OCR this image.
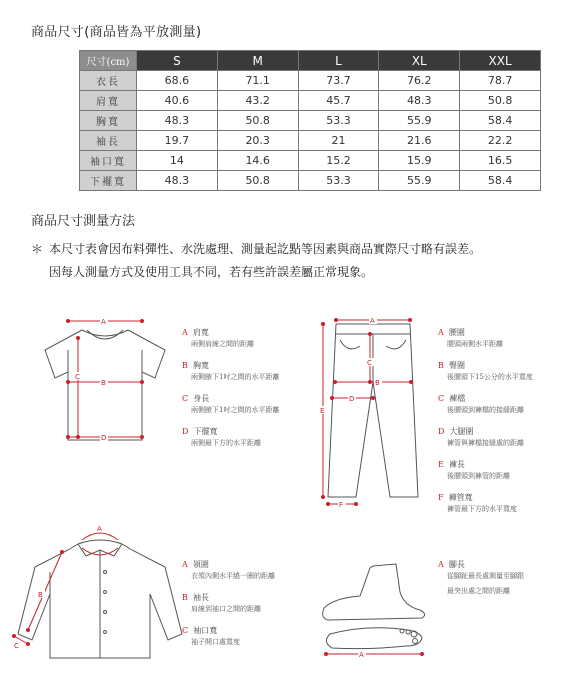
商品尺寸(商品皆為平放測量)
尺寸(cm)	S	M	L	XL	XXL
衣長	68.6	71.1	73.7	76.2	78.7
肩寬	40.6	43.2	45.7	48.3	50.8
胸寬	48.3	50.8	53.3	55.9	58.4
袖長	19.7	20.3	21	21.6	22.2
袖口寬	14	14.6	15.2	15.9	16.5
下襬寬	48.3	50.8	53.3	55.9	58.4
商品尺寸測量方法
＊ 本尺寸表會因布料彈性、水洗處理、測量起訖點等因素與商品實際尺寸略有誤差。
因每人測量方式及使用工具不同，若有些許誤差屬正常現象。
A
B
C
D
A 肩寬
兩側肩線之間的距離
B 胸寬
兩側腋下1吋之間的水平距離
C 身長
兩側腋下1吋之間的水平距離
D 下擺寬
兩側最下方的水平距離
A
B
C
D
E
F
A 腰圍
腰頭兩側水平距離
B 臀圍
後腰頭下15公分的水平寬度
C 褲檔
後腰頭到褲檔的接縫距離
D 大腿圍
褲管與褲檔接縫處的距離
E 褲長
後腰頭到褲管的距離
F 褲管寬
褲管最下方的水平寬度
A
B
C
A 領圍
衣領內側水平繞一圈的距離
B 袖長
肩線到袖口之間的距離
C 袖口寬
袖子開口處寬度
A
A 腳長
從腳趾最長處測量至腳跟
最突出處之間的距離
